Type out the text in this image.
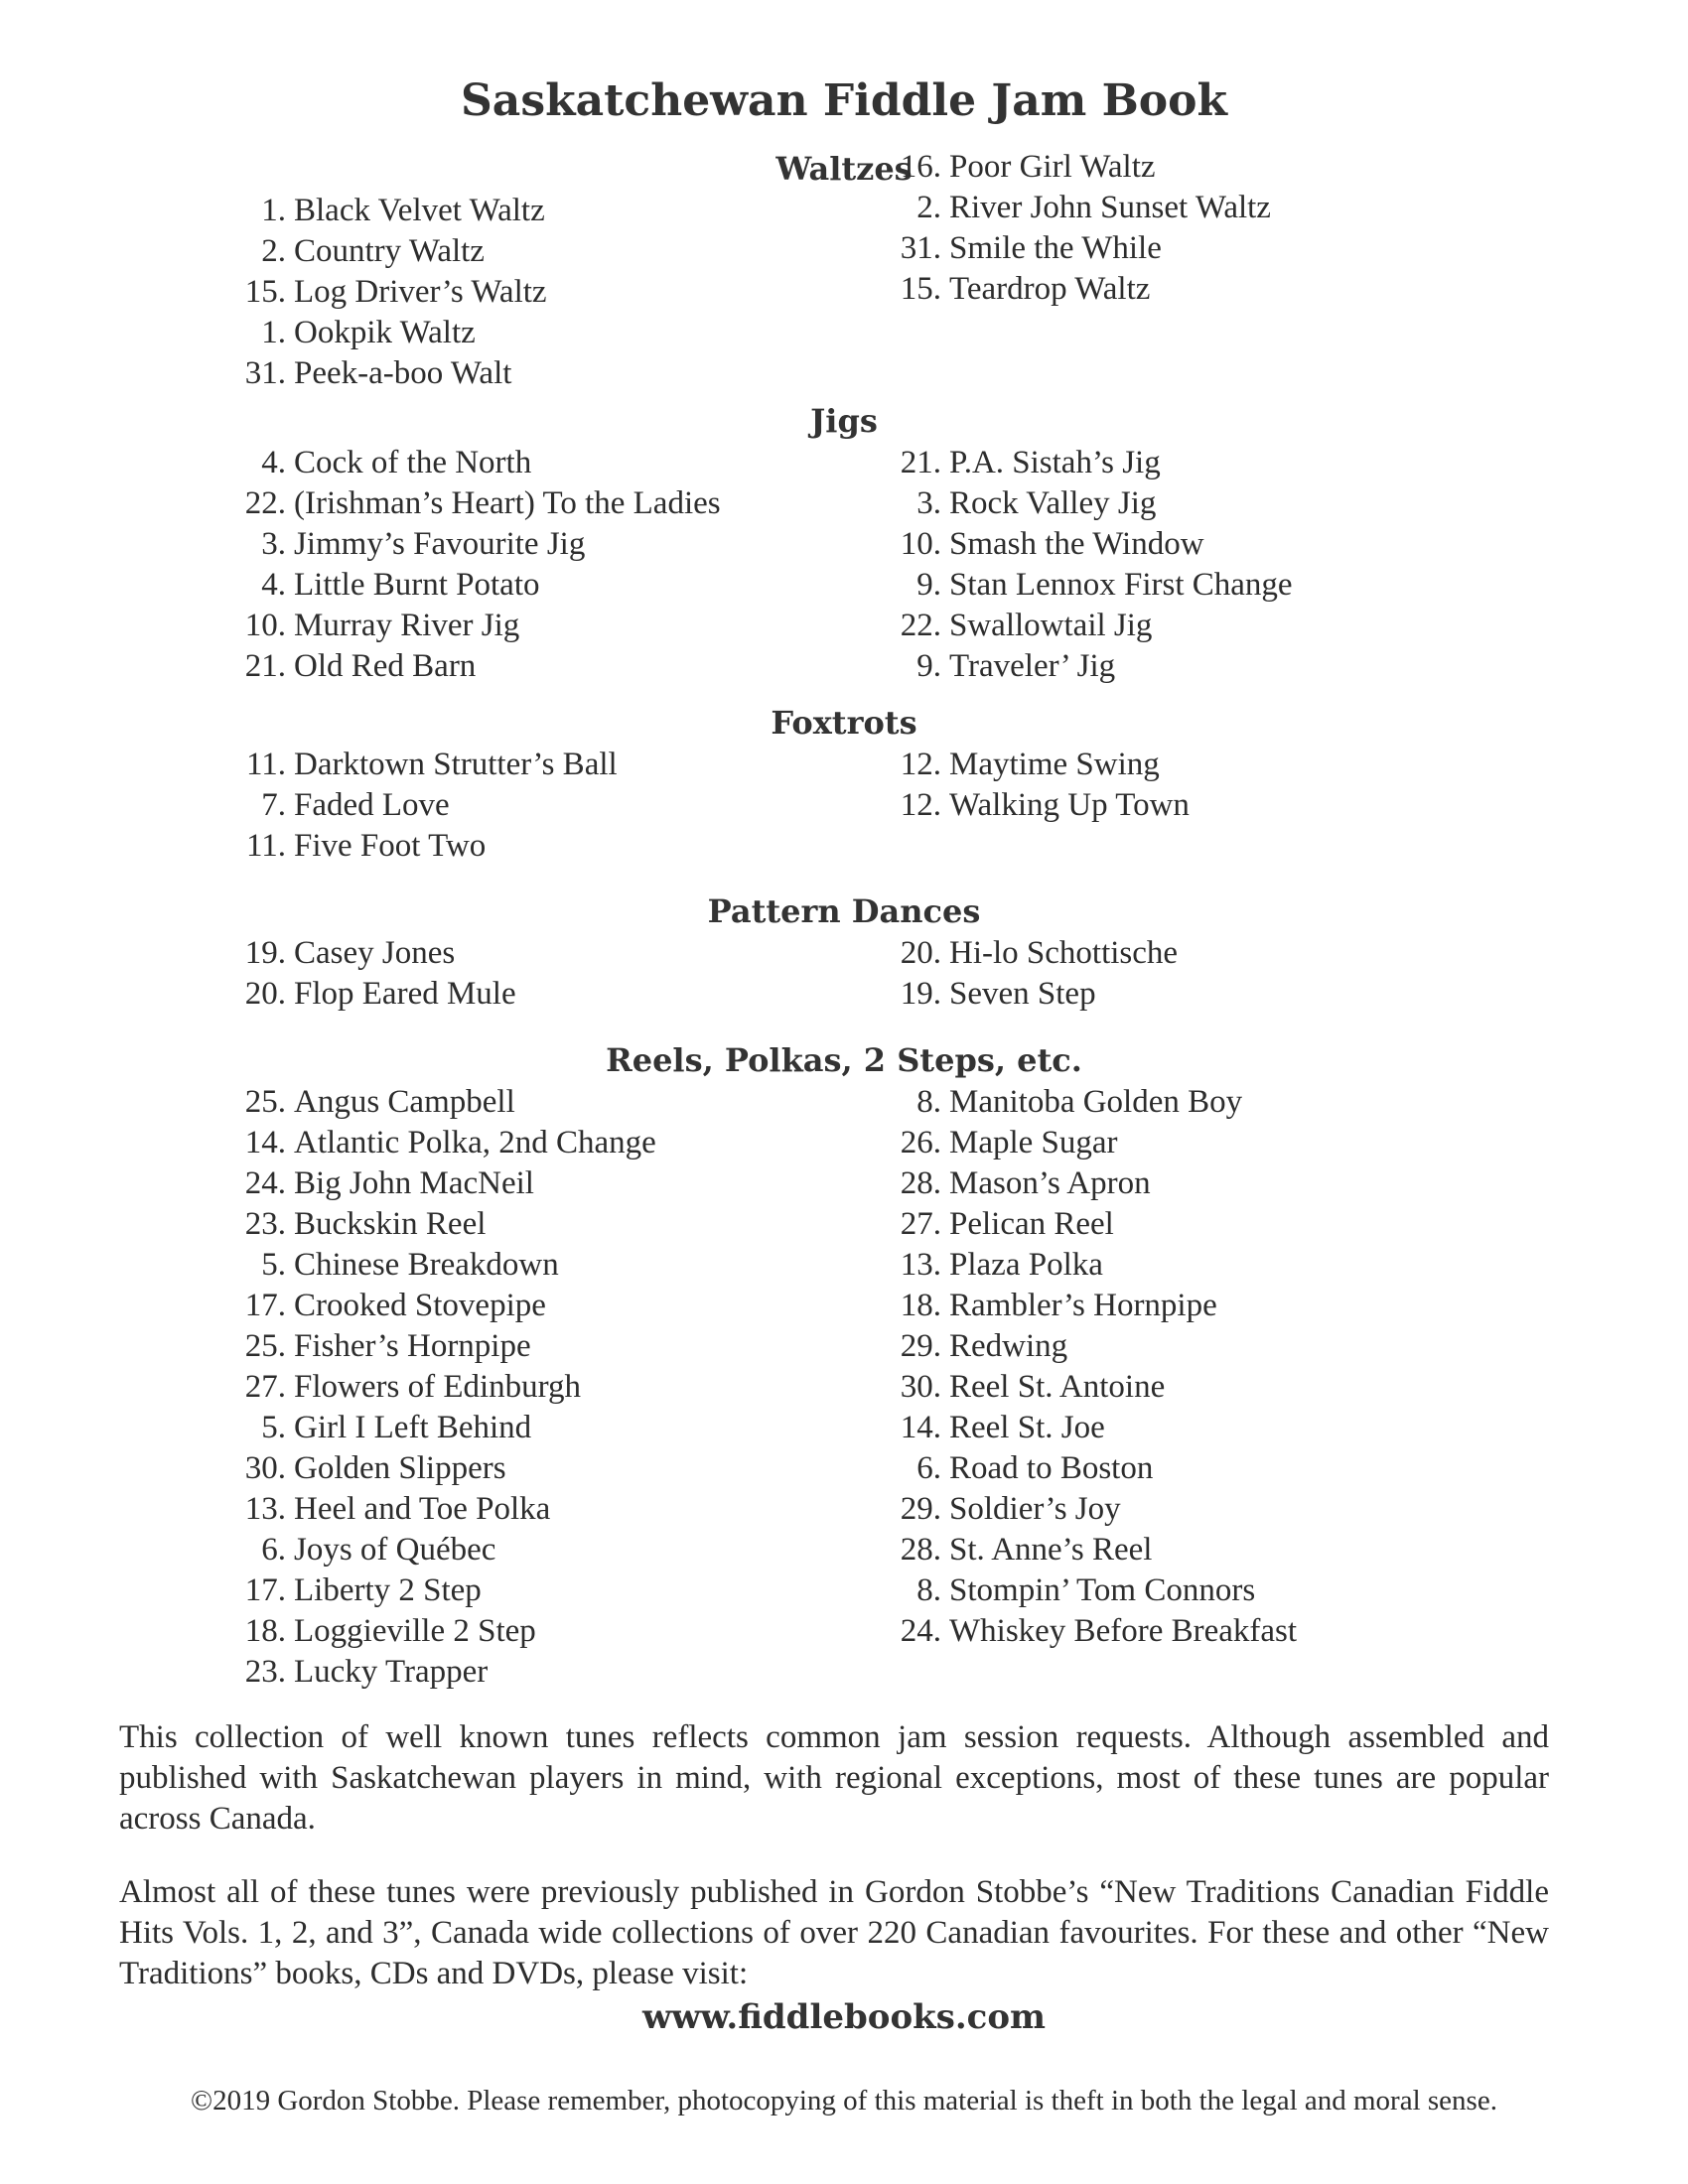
Saskatchewan Fiddle Jam Book
Waltzes
1. Black Velvet Waltz
2. Country Waltz
15. Log Driver’s Waltz
1. Ookpik Waltz
31. Peek-a-boo Walt
16. Poor Girl Waltz
2. River John Sunset Waltz
31. Smile the While
15. Teardrop Waltz
Jigs
4. Cock of the North
22. (Irishman’s Heart) To the Ladies
3. Jimmy’s Favourite Jig
4. Little Burnt Potato
10. Murray River Jig
21. Old Red Barn
21. P.A. Sistah’s Jig
3. Rock Valley Jig
10. Smash the Window
9. Stan Lennox First Change
22. Swallowtail Jig
9. Traveler’ Jig
Foxtrots
11. Darktown Strutter’s Ball
7. Faded Love
11. Five Foot Two
12. Maytime Swing
12. Walking Up Town
Pattern Dances
19. Casey Jones
20. Flop Eared Mule
20. Hi-lo Schottische
19. Seven Step
Reels, Polkas, 2 Steps, etc.
25. Angus Campbell
14. Atlantic Polka, 2nd Change
24. Big John MacNeil
23. Buckskin Reel
5. Chinese Breakdown
17. Crooked Stovepipe
25. Fisher’s Hornpipe
27. Flowers of Edinburgh
5. Girl I Left Behind
30. Golden Slippers
13. Heel and Toe Polka
6. Joys of Québec
17. Liberty 2 Step
18. Loggieville 2 Step
23. Lucky Trapper
8. Manitoba Golden Boy
26. Maple Sugar
28. Mason’s Apron
27. Pelican Reel
13. Plaza Polka
18. Rambler’s Hornpipe
29. Redwing
30. Reel St. Antoine
14. Reel St. Joe
6. Road to Boston
29. Soldier’s Joy
28. St. Anne’s Reel
8. Stompin’ Tom Connors
24. Whiskey Before Breakfast

This collection of well known tunes reflects common jam session requests. Although assembled and published with Saskatchewan players in mind, with regional exceptions, most of these tunes are popular across Canada.

Almost all of these tunes were previously published in Gordon Stobbe’s “New Traditions Canadian Fiddle Hits Vols. 1, 2, and 3”, Canada wide collections of over 220 Canadian favourites. For these and other “New Traditions” books, CDs and DVDs, please visit:

www.fiddlebooks.com
©2019 Gordon Stobbe. Please remember, photocopying of this material is theft in both the legal and moral sense.
